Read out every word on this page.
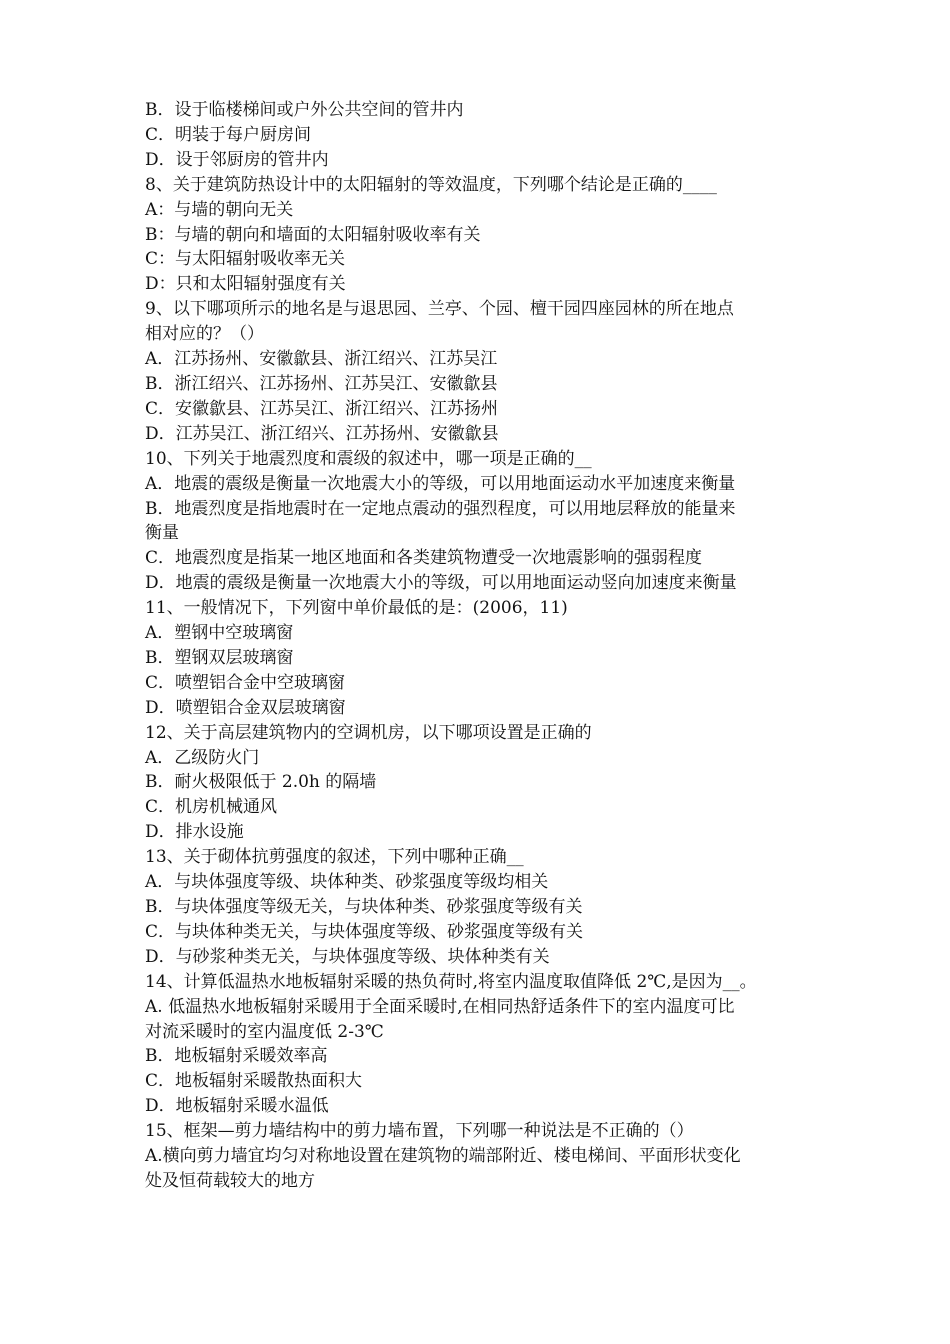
B．设于临楼梯间或户外公共空间的管井内
C．明装于每户厨房间
D．设于邻厨房的管井内
8、关于建筑防热设计中的太阳辐射的等效温度，下列哪个结论是正确的____
A：与墙的朝向无关
B：与墙的朝向和墙面的太阳辐射吸收率有关
C：与太阳辐射吸收率无关
D：只和太阳辐射强度有关
9、以下哪项所示的地名是与退思园、兰亭、个园、檀干园四座园林的所在地点
相对应的？（）
A．江苏扬州、安徽歙县、浙江绍兴、江苏吴江
B．浙江绍兴、江苏扬州、江苏吴江、安徽歙县
C．安徽歙县、江苏吴江、浙江绍兴、江苏扬州
D．江苏吴江、浙江绍兴、江苏扬州、安徽歙县
10、下列关于地震烈度和震级的叙述中，哪一项是正确的__
A．地震的震级是衡量一次地震大小的等级，可以用地面运动水平加速度来衡量
B．地震烈度是指地震时在一定地点震动的强烈程度，可以用地层释放的能量来
衡量
C．地震烈度是指某一地区地面和各类建筑物遭受一次地震影响的强弱程度
D．地震的震级是衡量一次地震大小的等级，可以用地面运动竖向加速度来衡量
11、一般情况下，下列窗中单价最低的是：(2006，11)
A．塑钢中空玻璃窗
B．塑钢双层玻璃窗
C．喷塑铝合金中空玻璃窗
D．喷塑铝合金双层玻璃窗
12、关于高层建筑物内的空调机房，以下哪项设置是正确的
A．乙级防火门
B．耐火极限低于 2.0h 的隔墙
C．机房机械通风
D．排水设施
13、关于砌体抗剪强度的叙述，下列中哪种正确__
A．与块体强度等级、块体种类、砂浆强度等级均相关
B．与块体强度等级无关，与块体种类、砂浆强度等级有关
C．与块体种类无关，与块体强度等级、砂浆强度等级有关
D．与砂浆种类无关，与块体强度等级、块体种类有关
14、计算低温热水地板辐射采暖的热负荷时,将室内温度取值降低 2℃,是因为__。
A. 低温热水地板辐射采暖用于全面采暖时,在相同热舒适条件下的室内温度可比
对流采暖时的室内温度低 2-3℃
B．地板辐射采暖效率高
C．地板辐射采暖散热面积大
D．地板辐射采暖水温低
15、框架—剪力墙结构中的剪力墙布置，下列哪一种说法是不正确的（）
A.横向剪力墙宜均匀对称地设置在建筑物的端部附近、楼电梯间、平面形状变化
处及恒荷载较大的地方
